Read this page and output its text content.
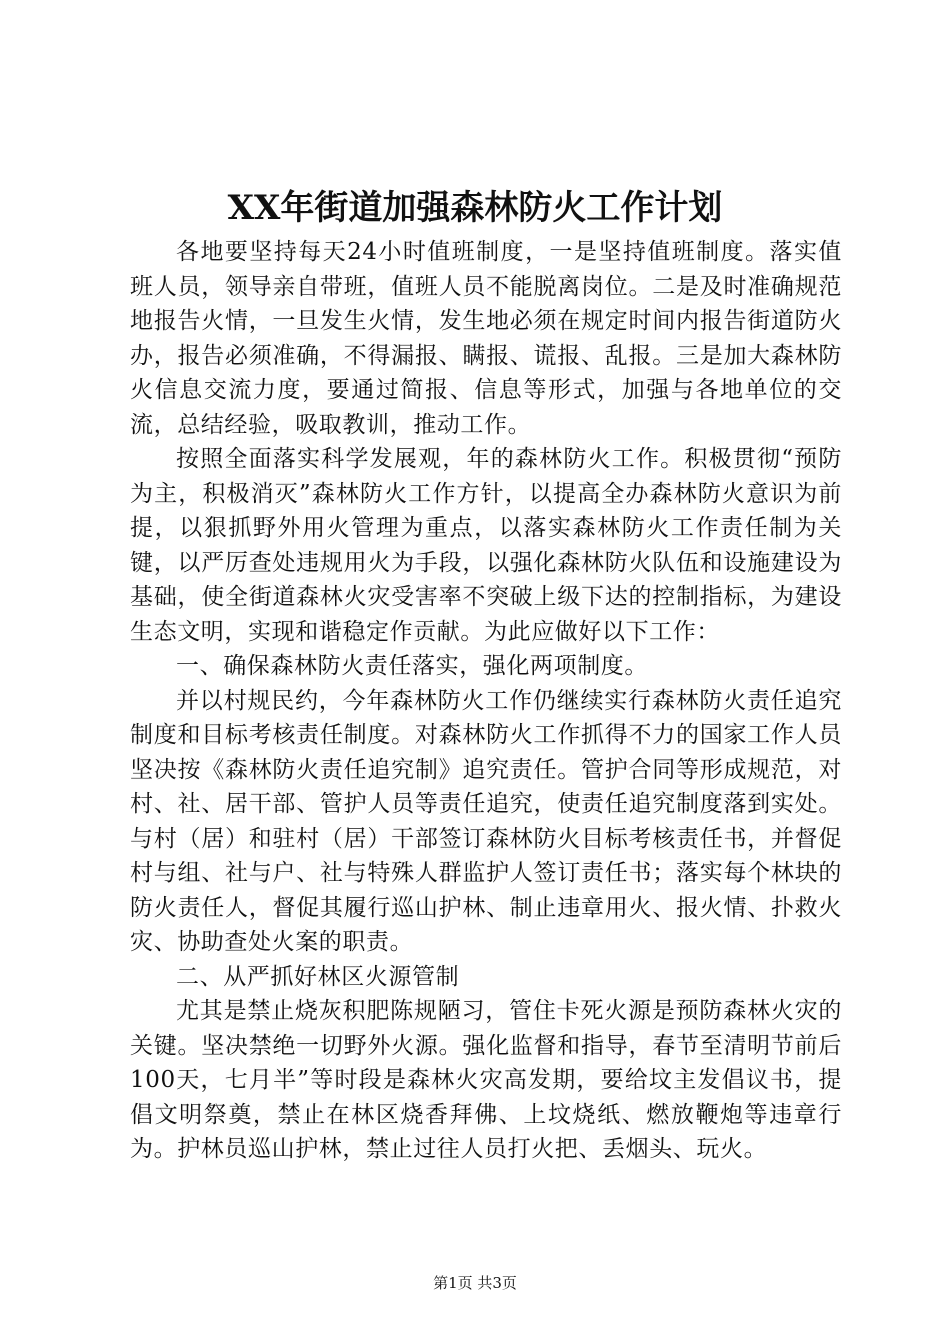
XX年街道加强森林防火工作计划

各地要坚持每天24小时值班制度，一是坚持值班制度。落实值班人员，领导亲自带班，值班人员不能脱离岗位。二是及时准确规范地报告火情，一旦发生火情，发生地必须在规定时间内报告街道防火办，报告必须准确，不得漏报、瞒报、谎报、乱报。三是加大森林防火信息交流力度，要通过简报、信息等形式，加强与各地单位的交流，总结经验，吸取教训，推动工作。

按照全面落实科学发展观，年的森林防火工作。积极贯彻“预防为主，积极消灭”森林防火工作方针，以提高全办森林防火意识为前提，以狠抓野外用火管理为重点，以落实森林防火工作责任制为关键，以严厉查处违规用火为手段，以强化森林防火队伍和设施建设为基础，使全街道森林火灾受害率不突破上级下达的控制指标，为建设生态文明，实现和谐稳定作贡献。为此应做好以下工作：

一、确保森林防火责任落实，强化两项制度。

并以村规民约，今年森林防火工作仍继续实行森林防火责任追究制度和目标考核责任制度。对森林防火工作抓得不力的国家工作人员坚决按《森林防火责任追究制》追究责任。管护合同等形成规范，对村、社、居干部、管护人员等责任追究，使责任追究制度落到实处。与村（居）和驻村（居）干部签订森林防火目标考核责任书，并督促村与组、社与户、社与特殊人群监护人签订责任书；落实每个林块的防火责任人，督促其履行巡山护林、制止违章用火、报火情、扑救火灾、协助查处火案的职责。

二、从严抓好林区火源管制

尤其是禁止烧灰积肥陈规陋习，管住卡死火源是预防森林火灾的关键。坚决禁绝一切野外火源。强化监督和指导，春节至清明节前后100天，七月半”等时段是森林火灾高发期，要给坟主发倡议书，提倡文明祭奠，禁止在林区烧香拜佛、上坟烧纸、燃放鞭炮等违章行为。护林员巡山护林，禁止过往人员打火把、丢烟头、玩火。

第1页 共3页
